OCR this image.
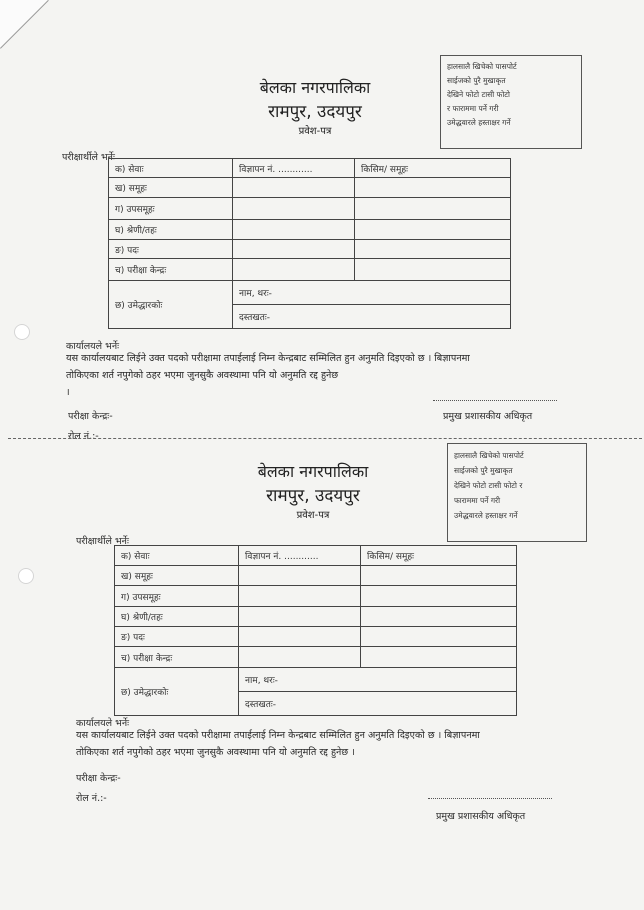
हालसालै खिचेको पासपोर्ट
साईजको पुरै मुखाकृत
देखिने फोटो टासी फोटो
र फाराममा पर्ने गरी
उमेद्धवारले हस्ताक्षर गर्ने
बेलका नगरपालिका
रामपुर, उदयपुर
प्रवेश-पत्र
परीक्षार्थीले भर्नेः
क) सेवाः	विज्ञापन नं. ............	किसिम/ समूहः
ख) समूहः		
ग) उपसमूहः		
घ) श्रेणी/तहः		
ङ) पदः		
च) परीक्षा केन्द्रः		
छ) उमेद्धारकोः	नाम, थरः-	
	दस्तखतः-	
कार्यालयले भर्नेः
यस कार्यालयबाट लिईने उक्त पदको परीक्षामा तपाईलाई निम्न केन्द्रबाट सम्मिलित हुन अनुमति दिइएको छ । बिज्ञापनमा
तोकिएका शर्त नपुगेको ठहर भएमा जुनसुकै अवस्थामा पनि यो अनुमति रद्द हुनेछ
।
परीक्षा केन्द्रः-	प्रमुख प्रशासकीय अधिकृत
रोल नं.:-
हालसालै खिचेको पासपोर्ट
साईजको पुरै मुखाकृत
देखिने फोटो टासी फोटो र
फाराममा पर्ने गरी
उमेद्धवारले हस्ताक्षर गर्ने
बेलका नगरपालिका
रामपुर, उदयपुर
प्रवेश-पत्र
परीक्षार्थीले भर्नेः
क) सेवाः	विज्ञापन नं. ............	किसिम/ समूहः
ख) समूहः		
ग) उपसमूहः		
घ) श्रेणी/तहः		
ङ) पदः		
च) परीक्षा केन्द्रः		
छ) उमेद्धारकोः	नाम, थरः-	
	दस्तखतः-	
कार्यालयले भर्नेः
यस कार्यालयबाट लिईने उक्त पदको परीक्षामा तपाईलाई निम्न केन्द्रबाट सम्मिलित हुन अनुमति दिइएको छ । बिज्ञापनमा
तोकिएका शर्त नपुगेको ठहर भएमा जुनसुकै अवस्थामा पनि यो अनुमति रद्द हुनेछ ।
परीक्षा केन्द्रः-
रोल नं.:-
प्रमुख प्रशासकीय अधिकृत
